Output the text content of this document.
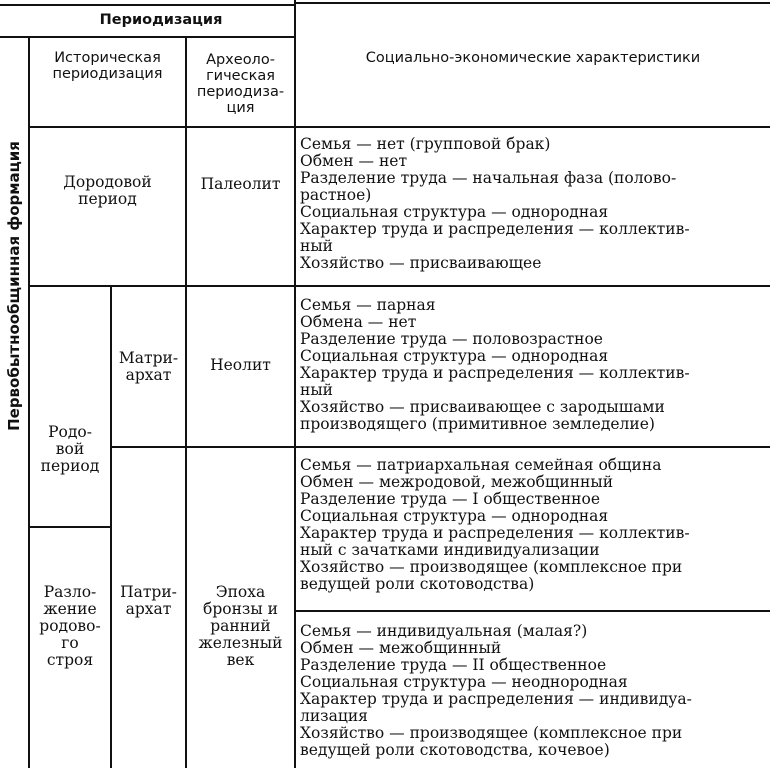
Периодизация
Историческая
периодизация
Археоло-
гическая
периодиза-
ция
Социально-экономические характеристики
Первобытнообщинная формация	Дородовой
период
Родо-
вой
период
Разло-
жение
родово-
го
строя
Матри-
архат
Патри-
архат
Палеолит
Неолит
Эпоха
бронзы и
ранний
железный
век
Семья — нет (групповой брак)
Обмен — нет
Разделение труда — начальная фаза (полово-
растное)
Социальная структура — однородная
Характер труда и распределения — коллектив-
ный
Хозяйство — присваивающее
Семья — парная
Обмена — нет
Разделение труда — половозрастное
Социальная структура — однородная
Характер труда и распределения — коллектив-
ный
Хозяйство — присваивающее с зародышами
производящего (примитивное земледелие)
Семья — патриархальная семейная община
Обмен — межродовой, межобщинный
Разделение труда — I общественное
Социальная структура — однородная
Характер труда и распределения — коллектив-
ный с зачатками индивидуализации
Хозяйство — производящее (комплексное при
ведущей роли скотоводства)
Семья — индивидуальная (малая?)
Обмен — межобщинный
Разделение труда — II общественное
Социальная структура — неоднородная
Характер труда и распределения — индивидуа-
лизация
Хозяйство — производящее (комплексное при
ведущей роли скотоводства, кочевое)
